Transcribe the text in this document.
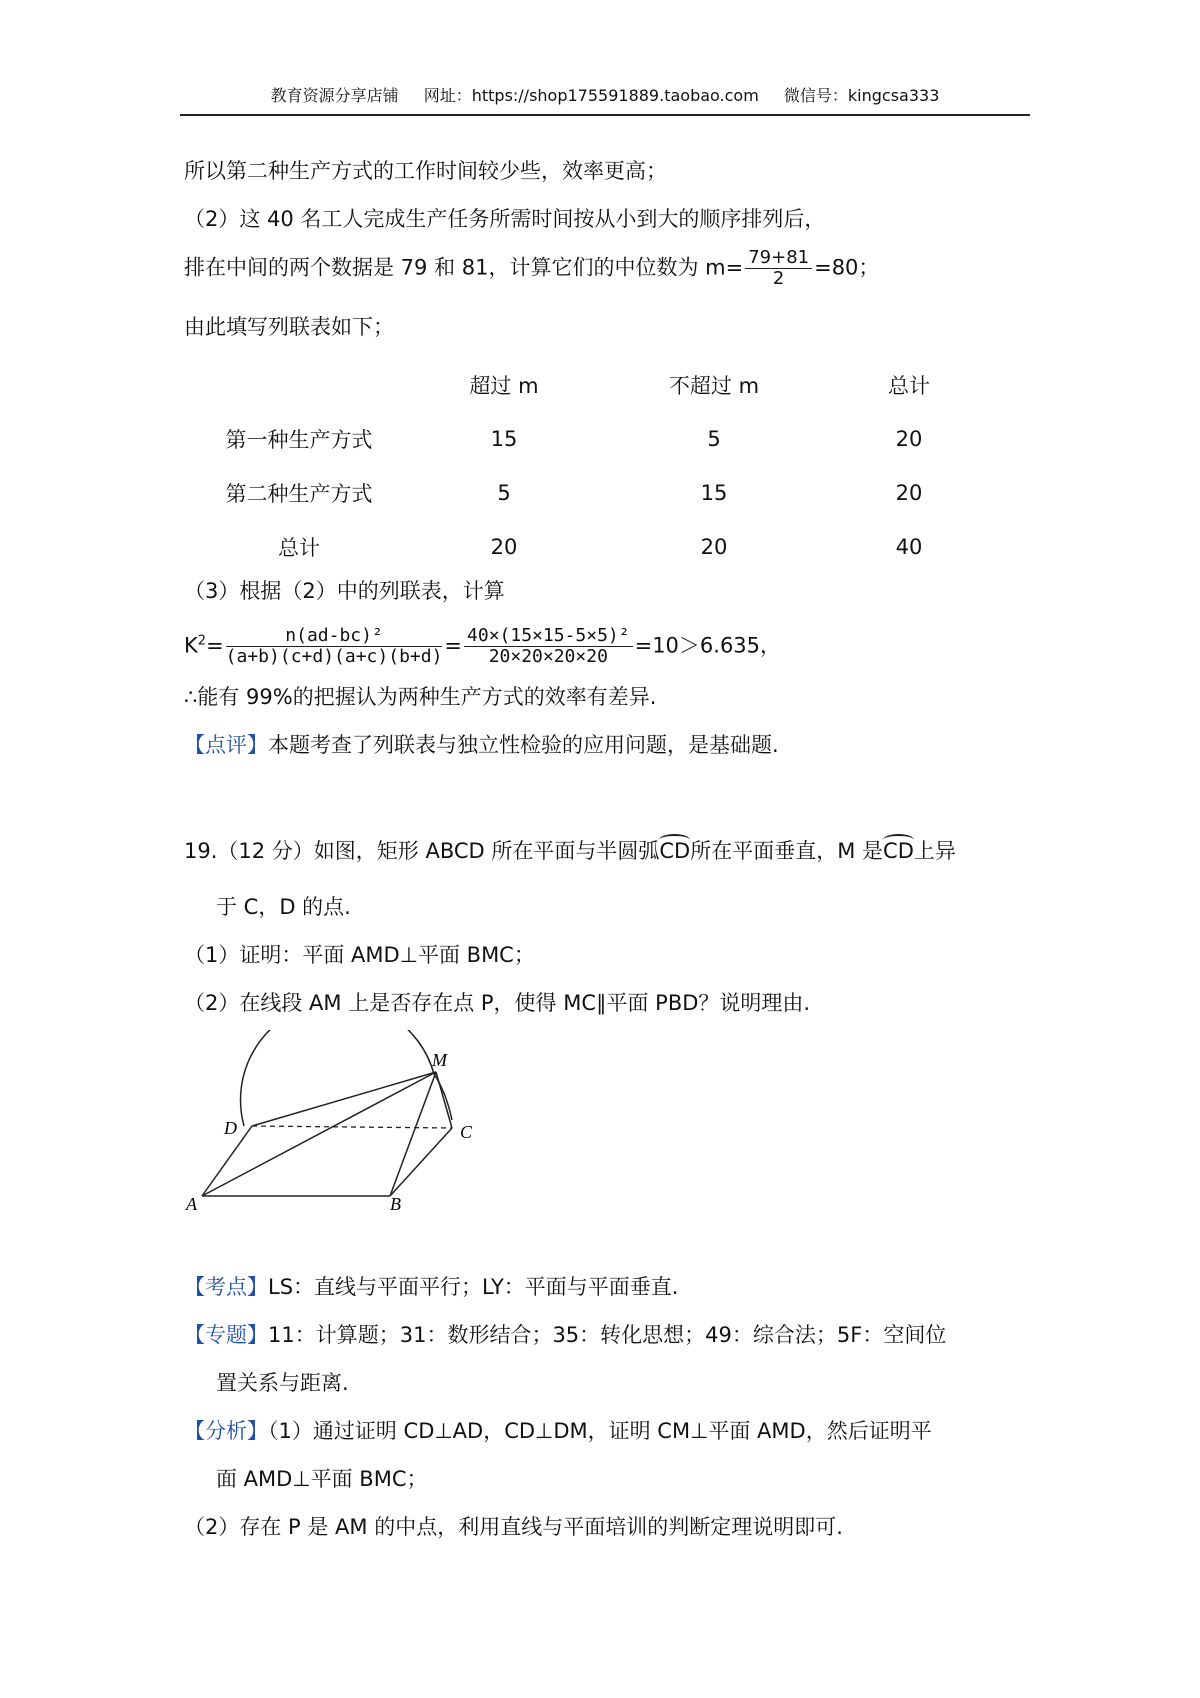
教育资源分享店铺 网址：https://shop175591889.taobao.com 微信号：kingcsa333
所以第二种生产方式的工作时间较少些，效率更高；
（2）这 40 名工人完成生产任务所需时间按从小到大的顺序排列后，
排在中间的两个数据是 79 和 81，计算它们的中位数为 $m= \frac{79+81}{2} =80$；
由此填写列联表如下；
	超过 m	不超过 m	总计
第一种生产方式	15	5	20
第二种生产方式	5	15	20
总计	20	20	40
（3）根据（2）中的列联表，计算
$K^2= \frac{\text{n(ad-bc)²}}{(a+b)(c+d)(a+c)(b+d)} = \frac{\text{40×(15×15-5×5)²}}{20\times 20\times 20\times 20} =10>6.635$，
∴能有 99%的把握认为两种生产方式的效率有差异.
【点评】本题考查了列联表与独立性检验的应用问题，是基础题.
19.（12 分）如图，矩形 ABCD 所在平面与半圆弧CD所在平面垂直，M 是CD上异
于 C，D 的点.
（1）证明：平面 AMD⊥平面 BMC；
（2）在线段 AM 上是否存在点 P，使得 MC∥平面 PBD？说明理由.
M
D	C
A	B
【考点】LS：直线与平面平行；LY：平面与平面垂直.
【专题】11：计算题；31：数形结合；35：转化思想；49：综合法；5F：空间位
置关系与距离.
【分析】（1）通过证明 CD⊥AD，CD⊥DM，证明 CM⊥平面 AMD，然后证明平
面 AMD⊥平面 BMC；
（2）存在 P 是 AM 的中点，利用直线与平面培训的判断定理说明即可.
